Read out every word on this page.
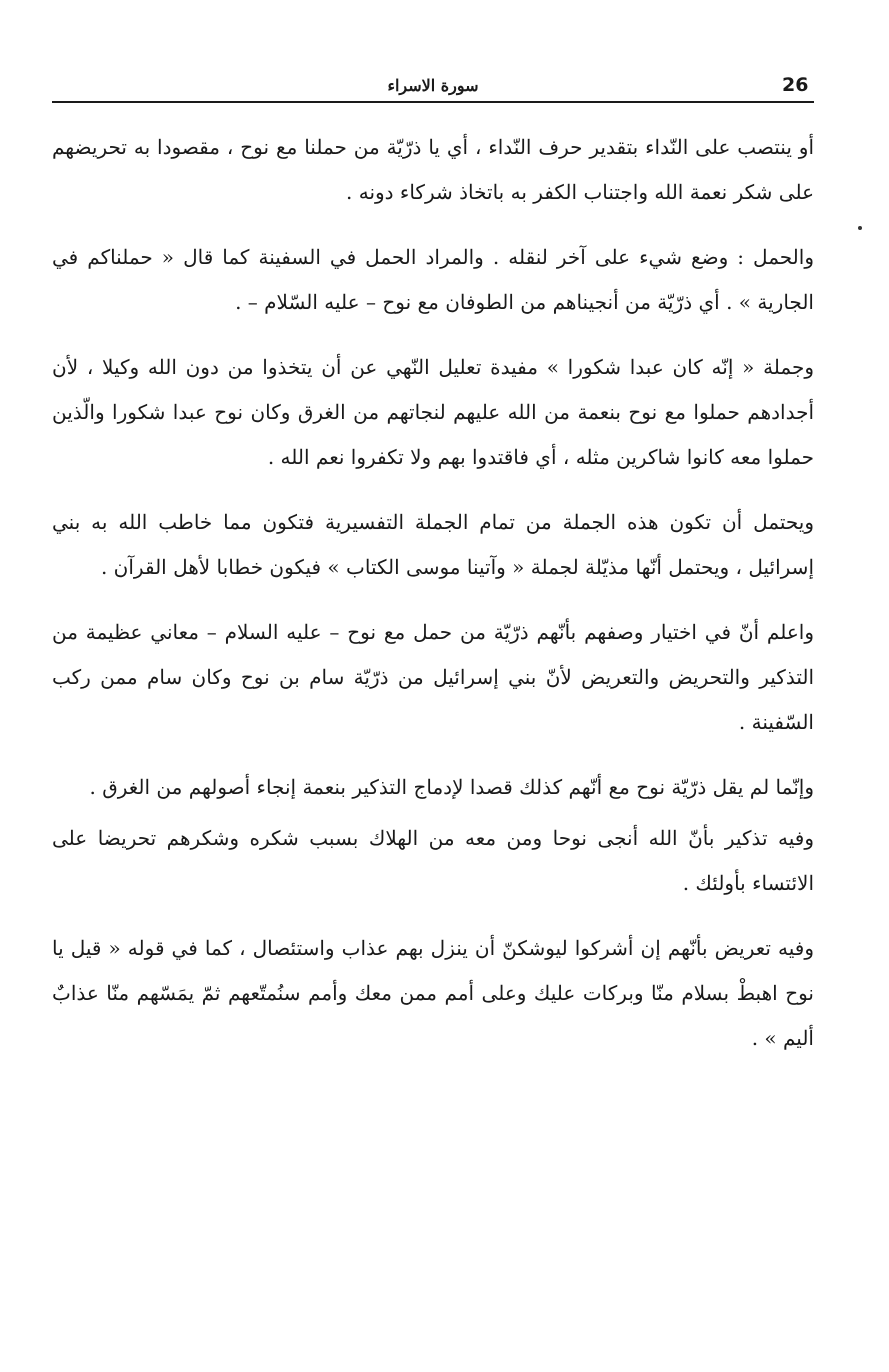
26
سورة الاسراء

أو ينتصب على النّداء بتقدير حرف النّداء ، أي يا ذرّيّة من حملنا مع نوح ، مقصودا به تحريضهم على شكر نعمة الله واجتناب الكفر به باتخاذ شركاء دونه .

والحمل : وضع شيء على آخر لنقله . والمراد الحمل في السفينة كما قال « حملناكم في الجارية » . أي ذرّيّة من أنجيناهم من الطوفان مع نوح – عليه السّلام – .

وجملة « إنّه كان عبدا شكورا » مفيدة تعليل النّهي عن أن يتخذوا من دون الله وكيلا ، لأن أجدادهم حملوا مع نوح بنعمة من الله عليهم لنجاتهم من الغرق وكان نوح عبدا شكورا والّذين حملوا معه كانوا شاكرين مثله ، أي فاقتدوا بهم ولا تكفروا نعم الله .

ويحتمل أن تكون هذه الجملة من تمام الجملة التفسيرية فتكون مما خاطب الله به بني إسرائيل ، ويحتمل أنّها مذيّلة لجملة « وآتينا موسى الكتاب » فيكون خطابا لأهل القرآن .

واعلم أنّ في اختيار وصفهم بأنّهم ذرّيّة من حمل مع نوح – عليه السلام – معاني عظيمة من التذكير والتحريض والتعريض لأنّ بني إسرائيل من ذرّيّة سام بن نوح وكان سام ممن ركب السّفينة .

وإنّما لم يقل ذرّيّة نوح مع أنّهم كذلك قصدا لإدماج التذكير بنعمة إنجاء أصولهم من الغرق .

وفيه تذكير بأنّ الله أنجى نوحا ومن معه من الهلاك بسبب شكره وشكرهم تحريضا على الائتساء بأولئك .

وفيه تعريض بأنّهم إن أشركوا ليوشكنّ أن ينزل بهم عذاب واستئصال ، كما في قوله « قيل يا نوح اهبطْ بسلام منّا وبركات عليك وعلى أمم ممن معك وأمم سنُمتّعهم ثمّ يمَسّهم منّا عذابٌ أليم » .
